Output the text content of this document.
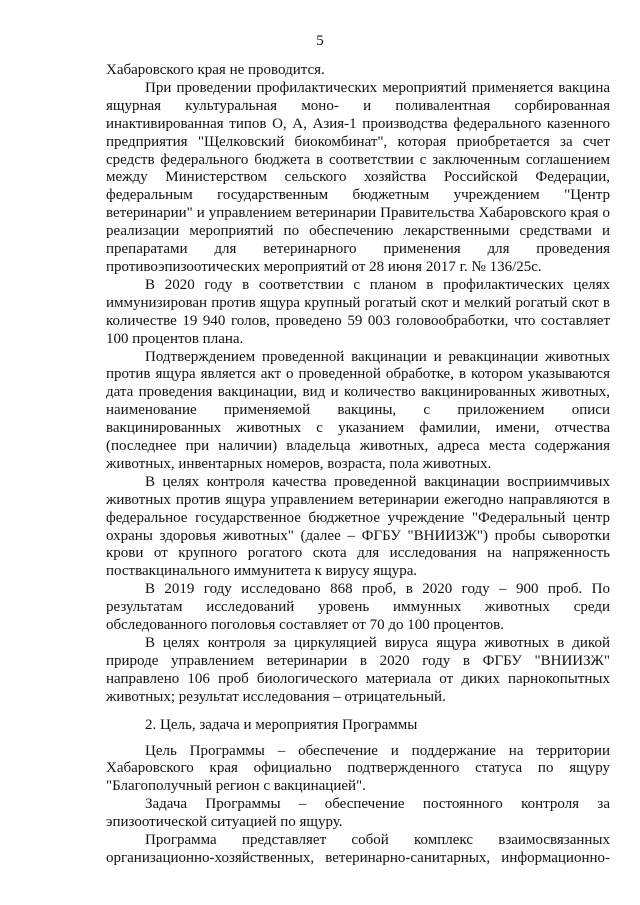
5

Хабаровского края не проводится.

При проведении профилактических мероприятий применяется вакцина ящурная культуральная моно- и поливалентная сорбированная инактивированная типов О, А, Азия-1 производства федерального казенного предприятия "Щелковский биокомбинат", которая приобретается за счет средств федерального бюджета в соответствии с заключенным соглашением между Министерством сельского хозяйства Российской Федерации, федеральным государственным бюджетным учреждением "Центр ветеринарии" и управлением ветеринарии Правительства Хабаровского края о реализации мероприятий по обеспечению лекарственными средствами и препаратами для ветеринарного применения для проведения противоэпизоотических мероприятий от 28 июня 2017 г. № 136/25с.

В 2020 году в соответствии с планом в профилактических целях иммунизирован против ящура крупный рогатый скот и мелкий рогатый скот в количестве 19 940 голов, проведено 59 003 головообработки, что составляет 100 процентов плана.

Подтверждением проведенной вакцинации и ревакцинации животных против ящура является акт о проведенной обработке, в котором указываются дата проведения вакцинации, вид и количество вакцинированных животных, наименование применяемой вакцины, с приложением описи вакцинированных животных с указанием фамилии, имени, отчества (последнее при наличии) владельца животных, адреса места содержания животных, инвентарных номеров, возраста, пола животных.

В целях контроля качества проведенной вакцинации восприимчивых животных против ящура управлением ветеринарии ежегодно направляются в федеральное государственное бюджетное учреждение "Федеральный центр охраны здоровья животных" (далее – ФГБУ "ВНИИЗЖ") пробы сыворотки крови от крупного рогатого скота для исследования на напряженность поствакцинального иммунитета к вирусу ящура.

В 2019 году исследовано 868 проб, в 2020 году – 900 проб. По результатам исследований уровень иммунных животных среди обследованного поголовья составляет от 70 до 100 процентов.

В целях контроля за циркуляцией вируса ящура животных в дикой природе управлением ветеринарии в 2020 году в ФГБУ "ВНИИЗЖ" направлено 106 проб биологического материала от диких парнокопытных животных; результат исследования – отрицательный.

2. Цель, задача и мероприятия Программы

Цель Программы – обеспечение и поддержание на территории Хабаровского края официально подтвержденного статуса по ящуру "Благополучный регион с вакцинацией".

Задача Программы – обеспечение постоянного контроля за эпизоотической ситуацией по ящуру.

Программа представляет собой комплекс взаимосвязанных организационно-хозяйственных, ветеринарно-санитарных, информационно-
